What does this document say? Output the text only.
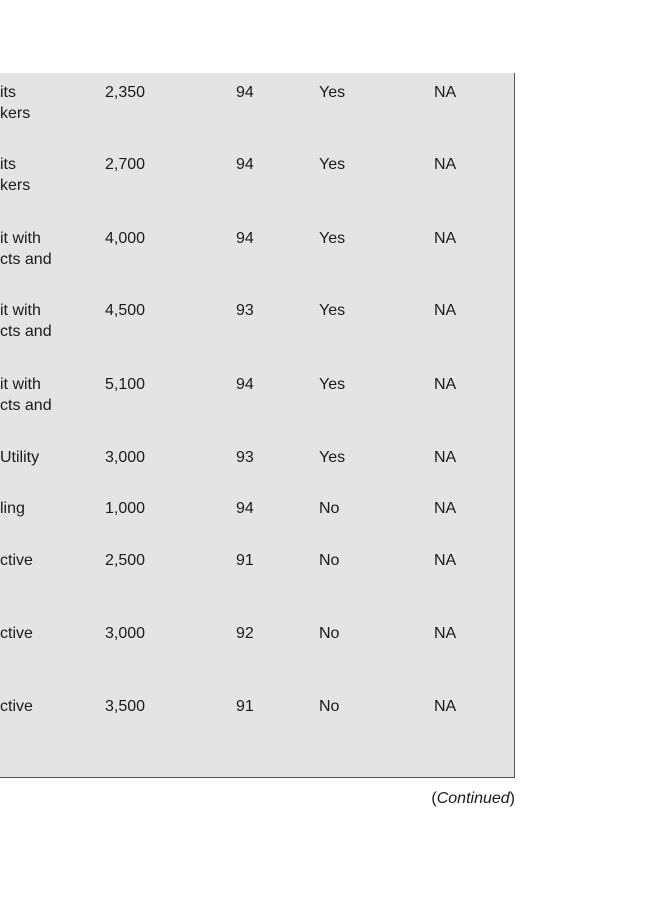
its
kers
2,350	94	Yes	NA
its
kers
2,700	94	Yes	NA
it with
cts and
4,000	94	Yes	NA
it with
cts and
4,500	93	Yes	NA
it with
cts and
5,100	94	Yes	NA
Utility	3,000	93	Yes	NA
ling	1,000	94	No	NA
ctive	2,500	91	No	NA
ctive	3,000	92	No	NA
ctive	3,500	91	No	NA
(Continued)
